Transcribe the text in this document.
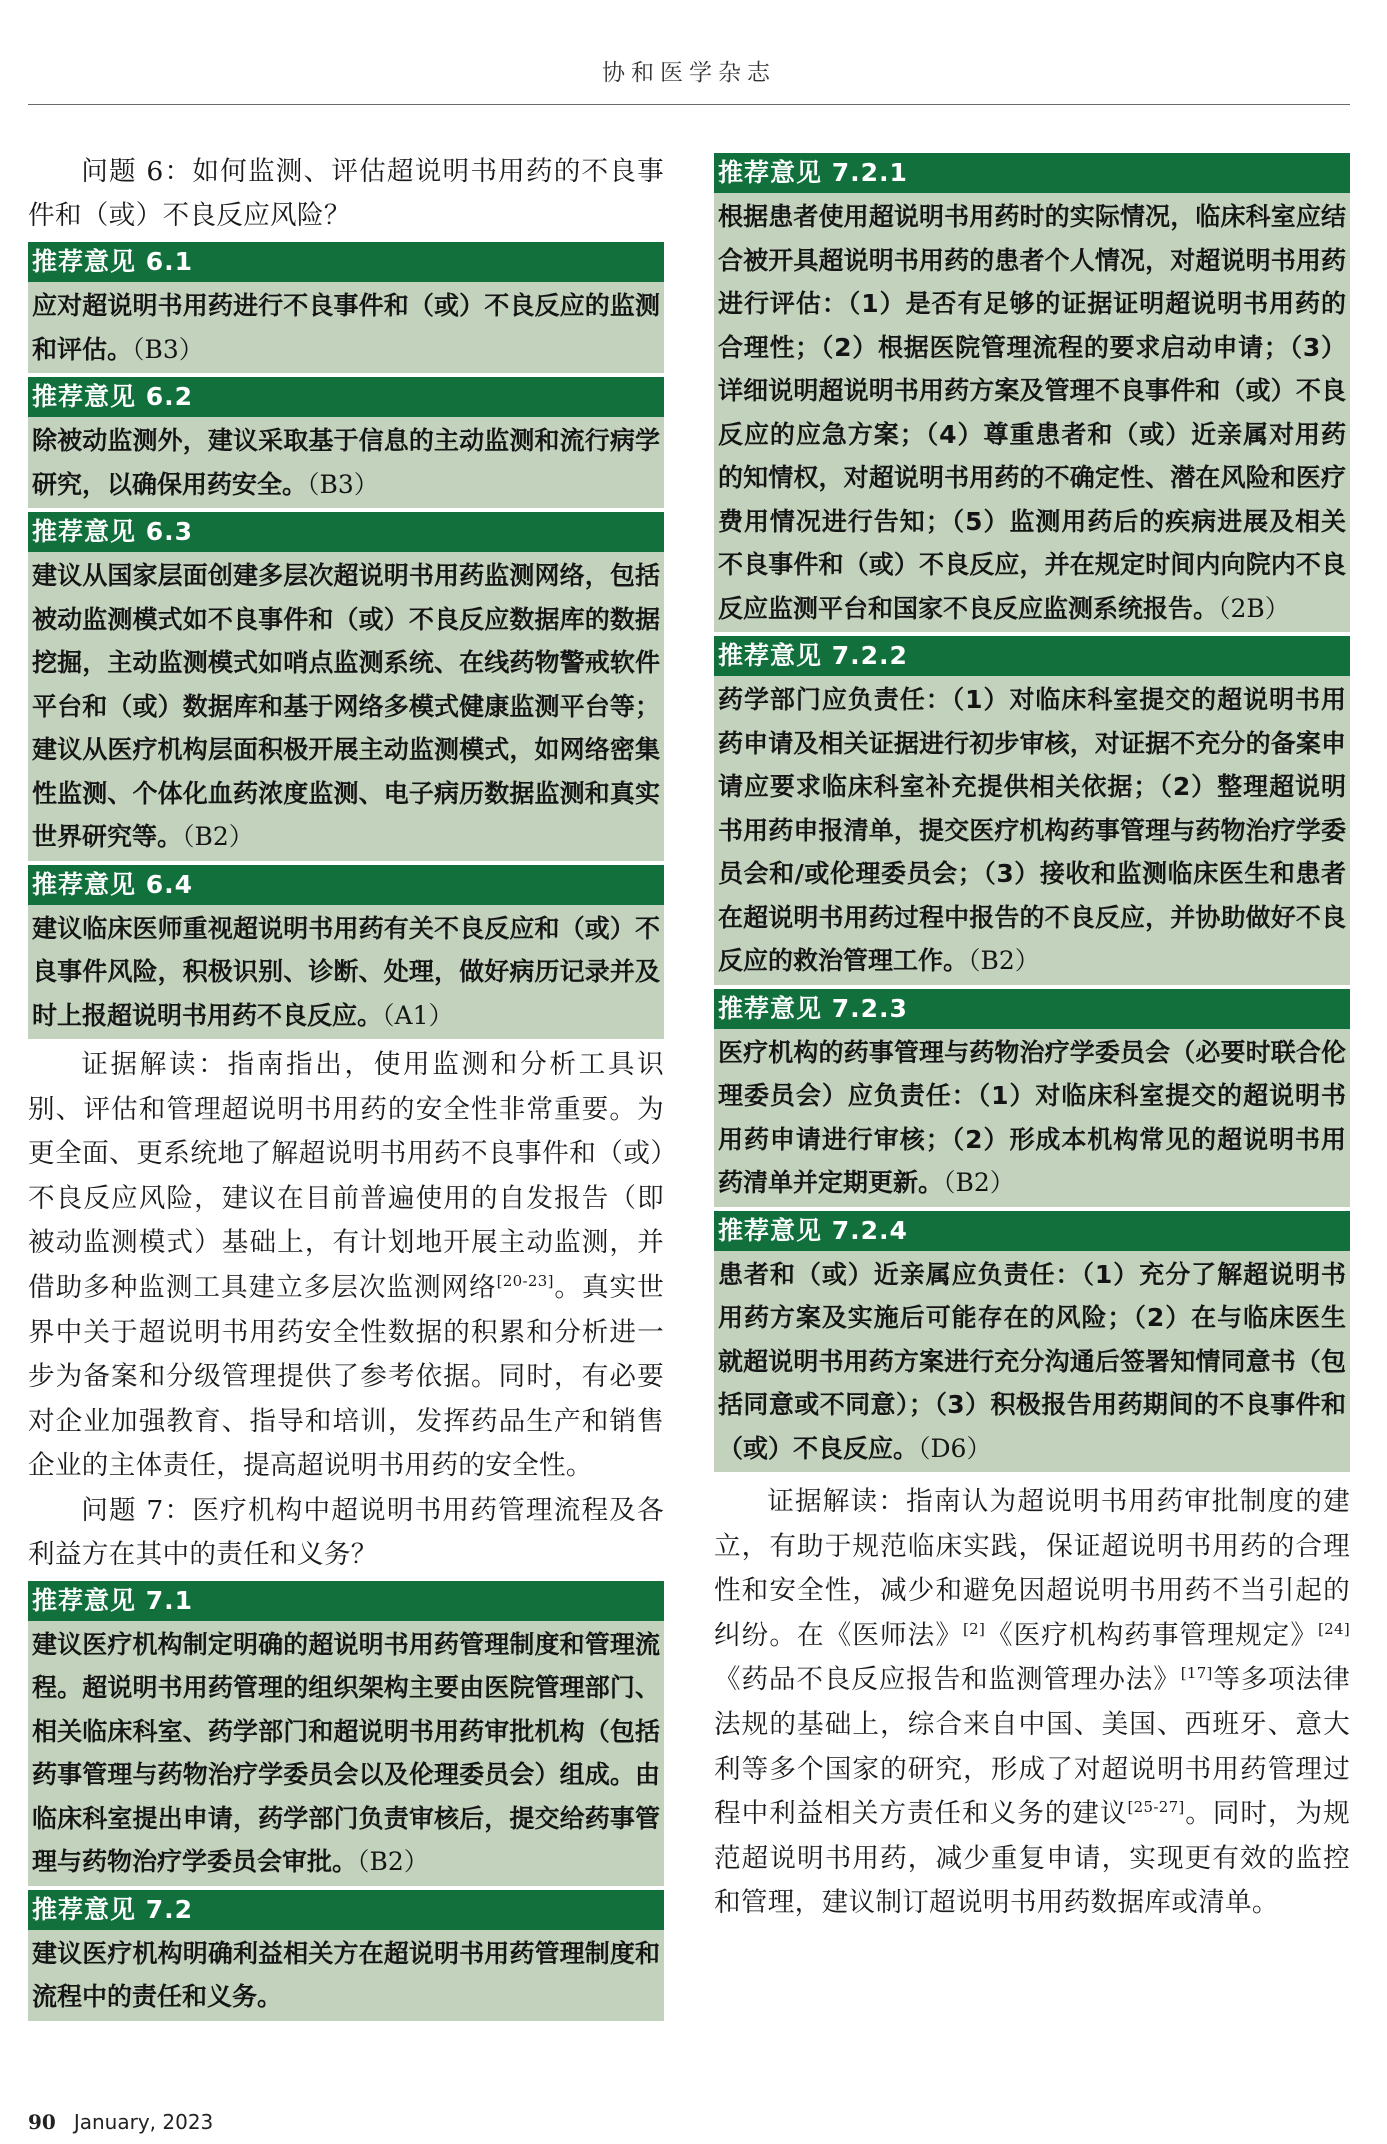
协和医学杂志

问题 6：如何监测、评估超说明书用药的不良事件和（或）不良反应风险？

推荐意见 6.1

应对超说明书用药进行不良事件和（或）不良反应的监测和评估。（B3）

推荐意见 6.2

除被动监测外，建议采取基于信息的主动监测和流行病学研究，以确保用药安全。（B3）

推荐意见 6.3

建议从国家层面创建多层次超说明书用药监测网络，包括被动监测模式如不良事件和（或）不良反应数据库的数据挖掘，主动监测模式如哨点监测系统、在线药物警戒软件平台和（或）数据库和基于网络多模式健康监测平台等；建议从医疗机构层面积极开展主动监测模式，如网络密集性监测、个体化血药浓度监测、电子病历数据监测和真实世界研究等。（B2）

推荐意见 6.4

建议临床医师重视超说明书用药有关不良反应和（或）不良事件风险，积极识别、诊断、处理，做好病历记录并及时上报超说明书用药不良反应。（A1）

证据解读：指南指出，使用监测和分析工具识别、评估和管理超说明书用药的安全性非常重要。为更全面、更系统地了解超说明书用药不良事件和（或）不良反应风险，建议在目前普遍使用的自发报告（即被动监测模式）基础上，有计划地开展主动监测，并借助多种监测工具建立多层次监测网络[20-23]。真实世界中关于超说明书用药安全性数据的积累和分析进一步为备案和分级管理提供了参考依据。同时，有必要对企业加强教育、指导和培训，发挥药品生产和销售企业的主体责任，提高超说明书用药的安全性。

问题 7：医疗机构中超说明书用药管理流程及各利益方在其中的责任和义务？

推荐意见 7.1

建议医疗机构制定明确的超说明书用药管理制度和管理流程。超说明书用药管理的组织架构主要由医院管理部门、相关临床科室、药学部门和超说明书用药审批机构（包括药事管理与药物治疗学委员会以及伦理委员会）组成。由临床科室提出申请，药学部门负责审核后，提交给药事管理与药物治疗学委员会审批。（B2）

推荐意见 7.2

建议医疗机构明确利益相关方在超说明书用药管理制度和流程中的责任和义务。

推荐意见 7.2.1

根据患者使用超说明书用药时的实际情况，临床科室应结合被开具超说明书用药的患者个人情况，对超说明书用药进行评估：（1）是否有足够的证据证明超说明书用药的合理性；（2）根据医院管理流程的要求启动申请；（3）详细说明超说明书用药方案及管理不良事件和（或）不良反应的应急方案；（4）尊重患者和（或）近亲属对用药的知情权，对超说明书用药的不确定性、潜在风险和医疗费用情况进行告知；（5）监测用药后的疾病进展及相关不良事件和（或）不良反应，并在规定时间内向院内不良反应监测平台和国家不良反应监测系统报告。（2B）

推荐意见 7.2.2

药学部门应负责任：（1）对临床科室提交的超说明书用药申请及相关证据进行初步审核，对证据不充分的备案申请应要求临床科室补充提供相关依据；（2）整理超说明书用药申报清单，提交医疗机构药事管理与药物治疗学委员会和/或伦理委员会；（3）接收和监测临床医生和患者在超说明书用药过程中报告的不良反应，并协助做好不良反应的救治管理工作。（B2）

推荐意见 7.2.3

医疗机构的药事管理与药物治疗学委员会（必要时联合伦理委员会）应负责任：（1）对临床科室提交的超说明书用药申请进行审核；（2）形成本机构常见的超说明书用药清单并定期更新。（B2）

推荐意见 7.2.4

患者和（或）近亲属应负责任：（1）充分了解超说明书用药方案及实施后可能存在的风险；（2）在与临床医生就超说明书用药方案进行充分沟通后签署知情同意书（包括同意或不同意）；（3）积极报告用药期间的不良事件和（或）不良反应。（D6）

证据解读：指南认为超说明书用药审批制度的建立，有助于规范临床实践，保证超说明书用药的合理性和安全性，减少和避免因超说明书用药不当引起的纠纷。在《医师法》[2]《医疗机构药事管理规定》[24]《药品不良反应报告和监测管理办法》[17]等多项法律法规的基础上，综合来自中国、美国、西班牙、意大利等多个国家的研究，形成了对超说明书用药管理过程中利益相关方责任和义务的建议[25-27]。同时，为规范超说明书用药，减少重复申请，实现更有效的监控和管理，建议制订超说明书用药数据库或清单。

90 January, 2023
